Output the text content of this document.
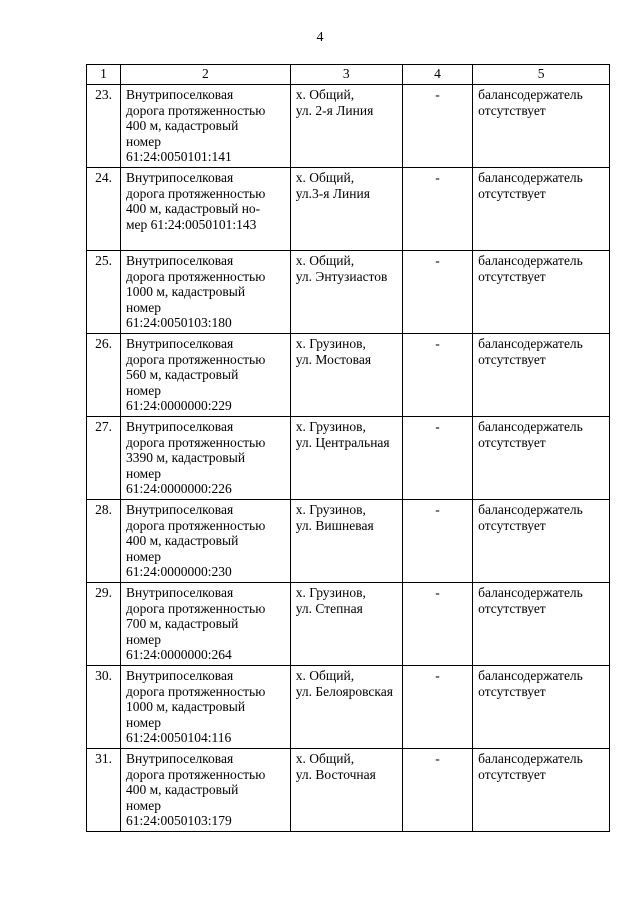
4
1	2	3	4	5
23.	Внутрипоселковая
дорога протяженностью
400 м, кадастровый
номер
61:24:0050101:141	х. Общий,
ул. 2-я Линия	-	балансодержатель
отсутствует

24.	Внутрипоселковая
дорога протяженностью
400 м, кадастровый но-
мер 61:24:0050101:143	х. Общий,
ул.3-я Линия	-	балансодержатель
отсутствует

25.	Внутрипоселковая
дорога протяженностью
1000 м, кадастровый
номер
61:24:0050103:180	х. Общий,
ул. Энтузиастов	-	балансодержатель
отсутствует

26.	Внутрипоселковая
дорога протяженностью
560 м, кадастровый
номер
61:24:0000000:229	х. Грузинов,
ул. Мостовая	-	балансодержатель
отсутствует

27.	Внутрипоселковая
дорога протяженностью
3390 м, кадастровый
номер
61:24:0000000:226	х. Грузинов,
ул. Центральная	-	балансодержатель
отсутствует

28.	Внутрипоселковая
дорога протяженностью
400 м, кадастровый
номер
61:24:0000000:230	х. Грузинов,
ул. Вишневая	-	балансодержатель
отсутствует

29.	Внутрипоселковая
дорога протяженностью
700 м, кадастровый
номер
61:24:0000000:264	х. Грузинов,
ул. Степная	-	балансодержатель
отсутствует

30.	Внутрипоселковая
дорога протяженностью
1000 м, кадастровый
номер
61:24:0050104:116	х. Общий,
ул. Белояровская	-	балансодержатель
отсутствует

31.	Внутрипоселковая
дорога протяженностью
400 м, кадастровый
номер
61:24:0050103:179	х. Общий,
ул. Восточная	-	балансодержатель
отсутствует
